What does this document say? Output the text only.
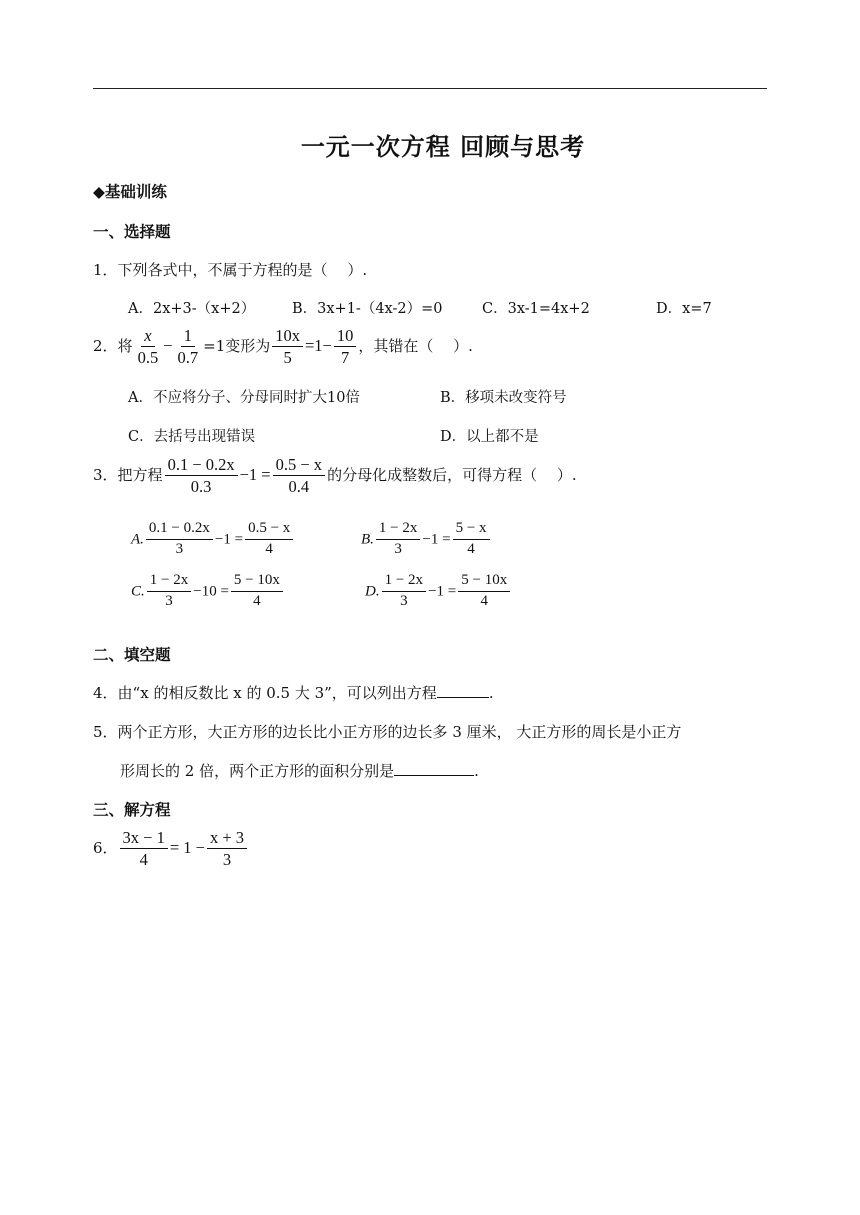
一元一次方程 回顾与思考
◆基础训练
一、选择题
1．下列各式中，不属于方程的是（　 ）.
A．2x+3-（x+2）	B．3x+1-（4x-2）=0	C．3x-1=4x+2	D．x=7
2．将 $\frac{x}{0.5} - \frac{1}{0.7} =1$变形为 $\frac{10x}{5} =1- \frac{10}{7}$ ，其错在（　 ）.
A．不应将分子、分母同时扩大10倍	B．移项未改变符号
C．去括号出现错误	D．以上都不是
3．把方程 $\frac{0.1 - 0.2x}{0.3} -1 = \frac{0.5 - x}{0.4}$ 的分母化成整数后，可得方程（　 ）.
A. $\frac{0.1 - 0.2x}{3} -1 = \frac{0.5 - x}{4}$	B. $\frac{1 - 2x}{3} -1 = \frac{5 - x}{4}$
C. $\frac{1 - 2x}{3} -10 = \frac{5 - 10x}{4}$	D. $\frac{1 - 2x}{3} -1 = \frac{5 - 10x}{4}$
二、填空题
4．由“x 的相反数比 x 的 0.5 大 3”，可以列出方程	.
5．两个正方形，大正方形的边长比小正方形的边长多 3 厘米， 大正方形的周长是小正方
形周长的 2 倍，两个正方形的面积分别是	.
三、解方程
6． $\frac{3x - 1}{4} = 1 - \frac{x + 3}{3}$
